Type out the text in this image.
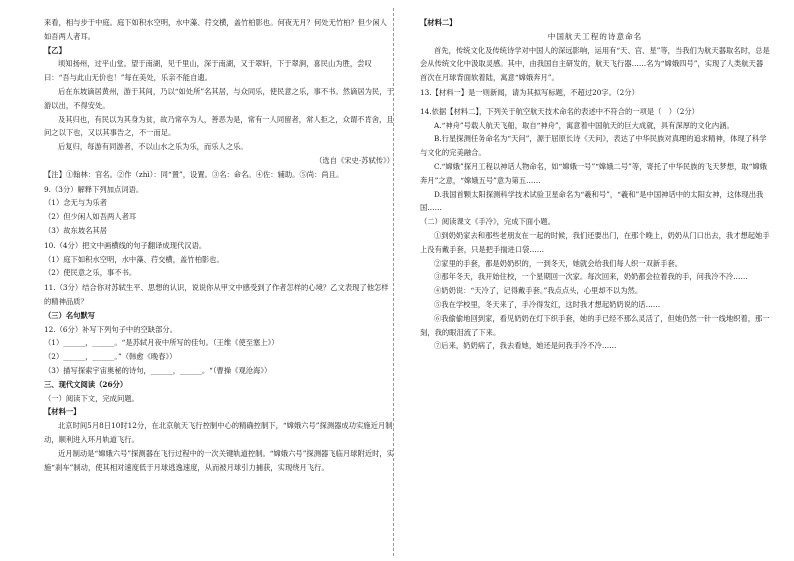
来看，相与步于中庭。庭下如积水空明，水中藻、荇交横，盖竹柏影也。何夜无月？何处无竹柏？但少闲人如吾两人者耳。

【乙】

顷知扬州，过平山堂。望于南湖，见千里山，深于南湖，又于翠轩，下于翠涧，喜民山为胜，尝叹曰：“吾与此山无价也！”每在美处，乐亲不能自遗。

后在东坡谪居黄州，游于其间，乃以“如处所”名其居，与众同乐，使民意之乐，事不书。然谪居为民，于游以出，不得安处。

及其归也，有民以为其身为贫，故乃常卒为人，善恶为是，常有一人同留者，常人拒之，众谓不肯舍，且问之以下也，又以其事告之，不一而足。

后复归，每游有同游者，不以山水之乐为乐，而乐人之乐。

（选自《宋史·苏轼传》）

【注】①翰林：官名。②作（zhì）：同“置”，设置。③名：命名。④佐：辅助。⑤尚：尚且。

9.（3分）解释下列加点词语。

（1）念无与为乐者

（2）但少闲人如吾两人者耳

（3）故东坡名其居

10.（4分）把文中画横线的句子翻译成现代汉语。

（1）庭下如积水空明，水中藻、荇交横，盖竹柏影也。

（2）使民意之乐，事不书。

11.（3分）结合你对苏轼生平、思想的认识，说说你从甲文中感受到了作者怎样的心境？乙文表现了他怎样的精神品质？

（三）名句默写

12.（6分）补写下列句子中的空缺部分。

（1）______，______。“是苏轼月夜中所写的佳句。（王维《使至塞上》）

（2）______，______。”（韩愈《晚春》）

（3）描写探索宇宙奥秘的诗句，______，______。“（曹操《观沧海》）

三、现代文阅读（26分）

（一）阅读下文，完成问题。

【材料一】

北京时间5月8日10时12分，在北京航天飞行控制中心的精确控制下，“嫦娥六号”探测器成功实施近月制动，顺利进入环月轨道飞行。

近月制动是“嫦娥六号”探测器在飞行过程中的一次关键轨道控制。“嫦娥六号”探测器飞临月球附近时，实施“刹车”制动，使其相对速度低于月球逃逸速度，从而被月球引力捕获，实现绕月飞行。

【材料二】

中国航天工程的诗意命名

首先，传统文化及传统诗学对中国人的深远影响，运用有“天、宫、星”等，当我们为航天器取名时，总是会从传统文化中汲取灵感。其中，由我国自主研发的，航天飞行器……名为“嫦娥四号”，实现了人类航天器首次在月球背面软着陆，寓意“嫦娥奔月”。

13.【材料一】是一则新闻，请为其拟写标题，不超过20字。（2分）

14.依据【材料二】，下列关于航空航天技术命名的表述中不符合的一项是（　）（2分）

A.“神舟”号载人航天飞船，取自“神舟”，寓意着中国航天的巨大成就，具有深厚的文化内涵。

B.行星探测任务命名为“天问”，源于屈原长诗《天问》，表达了中华民族对真理的追求精神，体现了科学与文化的完美融合。

C.“嫦娥”探月工程以神话人物命名，如“嫦娥一号”“嫦娥二号”等，寄托了中华民族的飞天梦想，取“嫦娥奔月”之意，“嫦娥五号”意为第五……

D.我国首颗太阳探测科学技术试验卫星命名为“羲和号”，“羲和”是中国神话中的太阳女神，这体现出我国……

（二）阅读课文《手冷》，完成下面小题。

①到奶奶家去和那些老朋友在一起的时候，我们还要出门，在那个晚上，奶奶从门口出去，我才想起她手上没有戴手套，只是把手揣进口袋……

②家里的手套，都是奶奶织的，一到冬天，她就会给我们每人织一双新手套。

③那年冬天，我开始住校，一个星期回一次家。每次回来，奶奶都会拉着我的手，问我冷不冷……

④奶奶说：“天冷了，记得戴手套。”我点点头，心里却不以为然。

⑤我在学校里，冬天来了，手冷得发红，这时我才想起奶奶说的话……

⑥我偷偷地回到家，看见奶奶在灯下织手套，她的手已经不那么灵活了，但她仍然一针一线地织着，那一刻，我的眼泪流了下来。

⑦后来，奶奶病了，我去看她，她还是问我手冷不冷……
